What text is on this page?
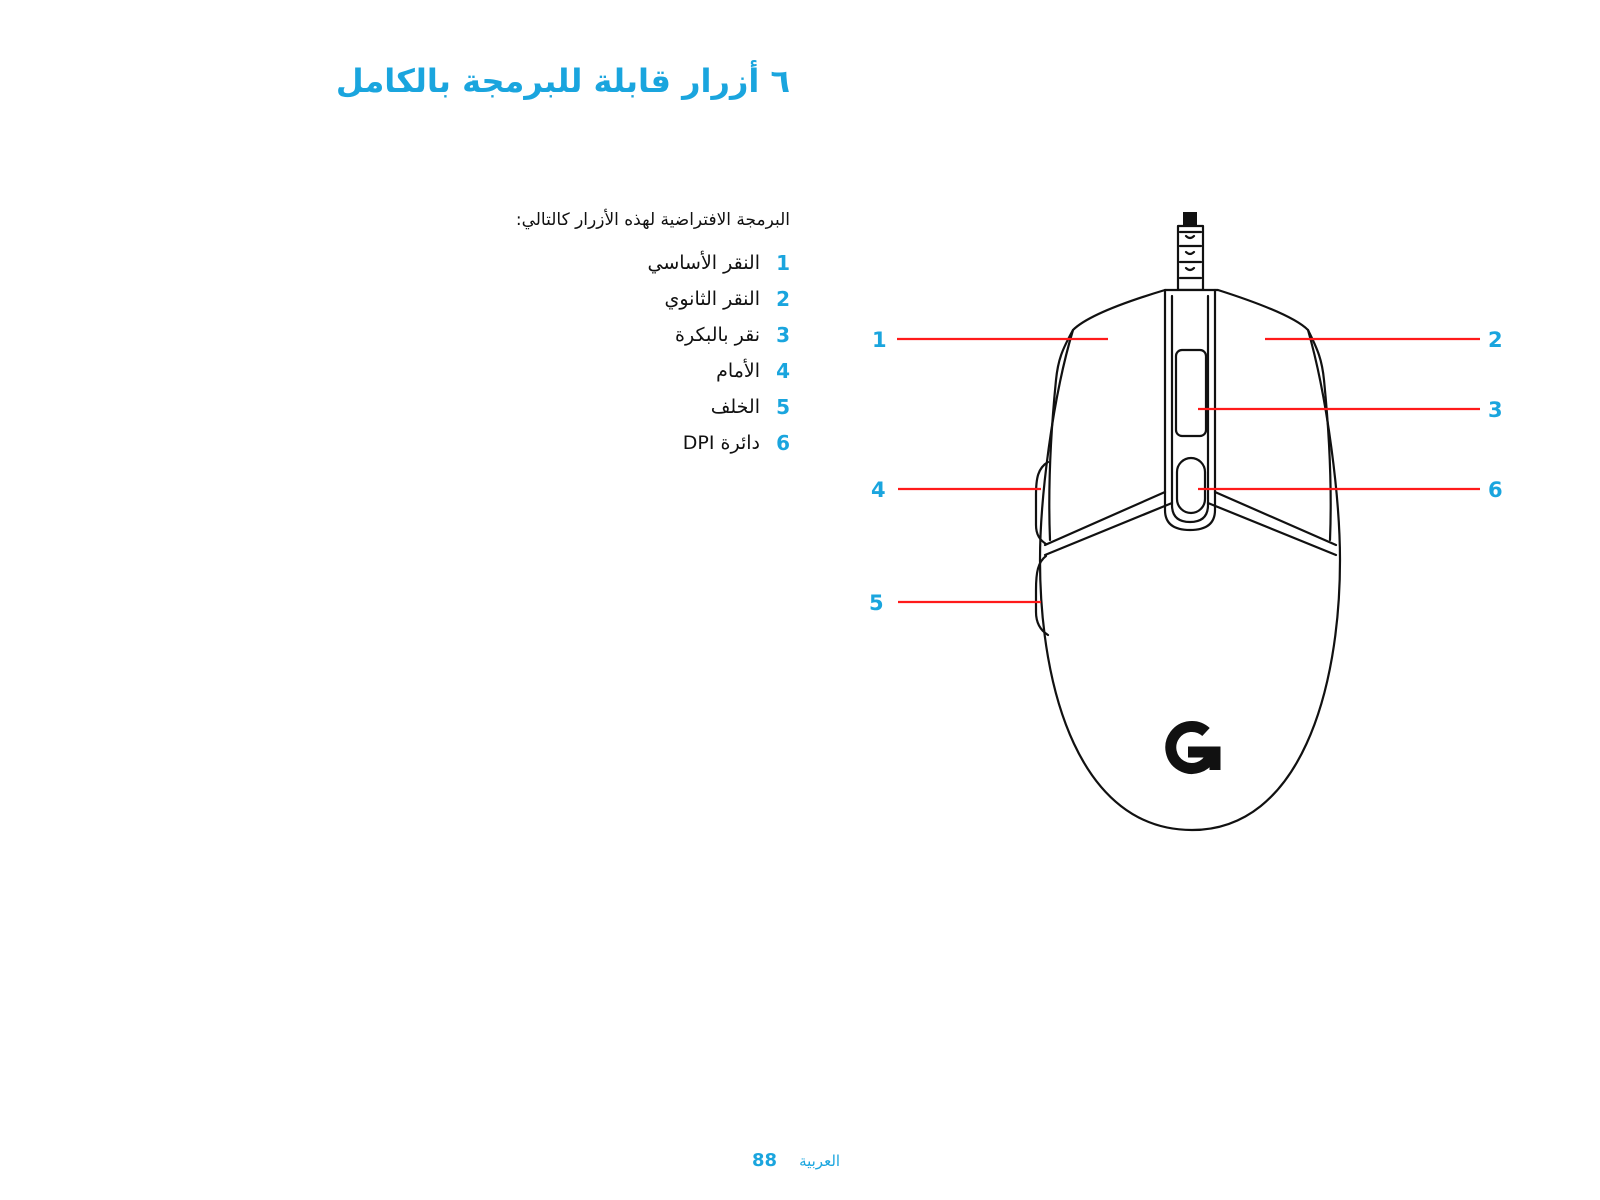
٦ أزرار قابلة للبرمجة بالكامل
البرمجة الافتراضية لهذه الأزرار كالتالي:
1
النقر الأساسي
2
النقر الثانوي
3
نقر بالبكرة
4
الأمام
5
الخلف
6
دائرة DPI
1	2
3
4
5
6
العربية
88
